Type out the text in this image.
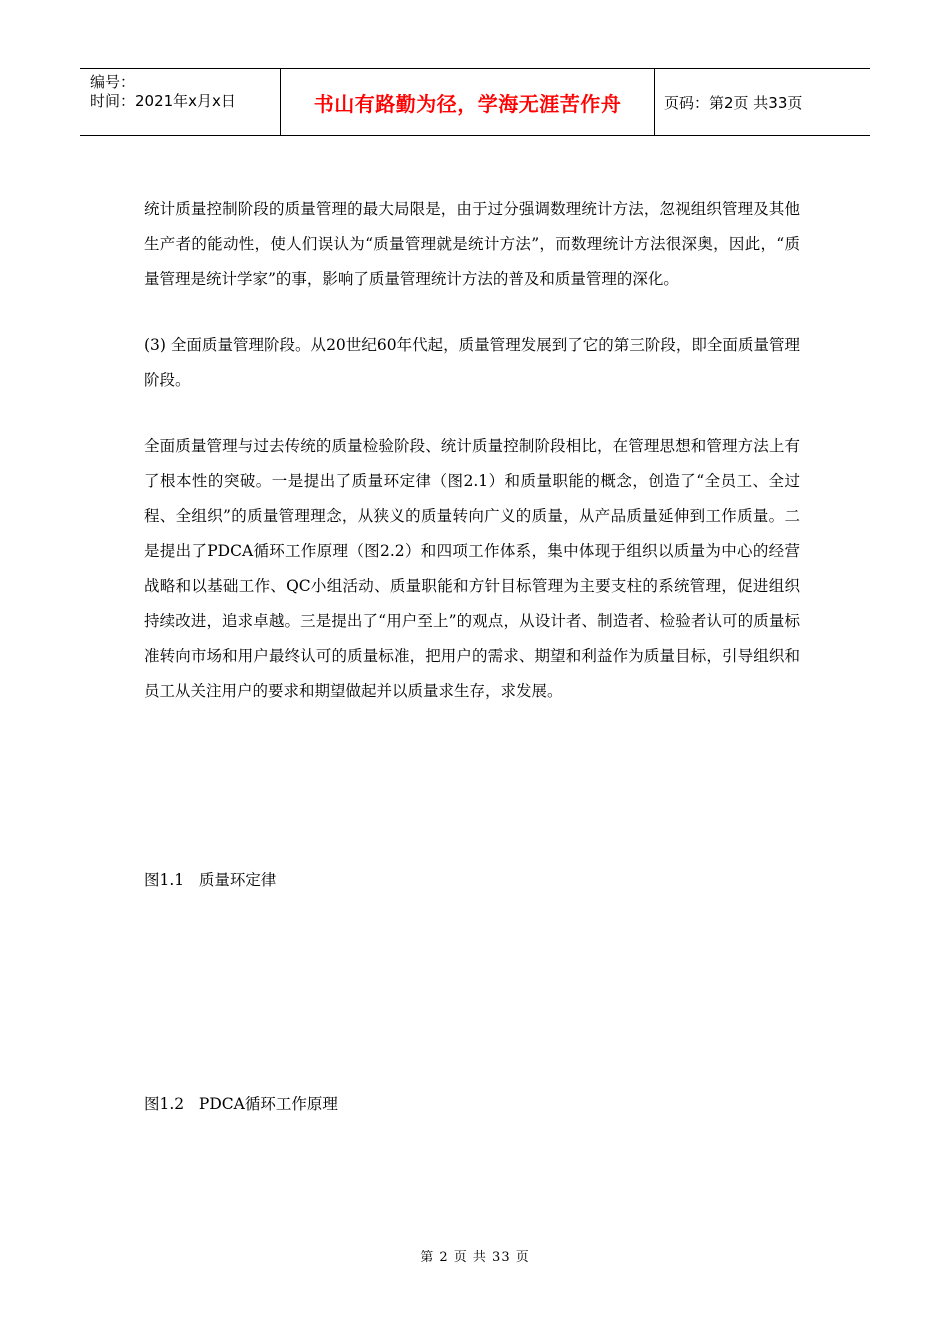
编号：
时间：2021年x月x日	书山有路勤为径，学海无涯苦作舟	页码：第2页 共33页

统计质量控制阶段的质量管理的最大局限是，由于过分强调数理统计方法，忽视组织管理及其他生产者的能动性，使人们误认为“质量管理就是统计方法”，而数理统计方法很深奥，因此，“质量管理是统计学家”的事，影响了质量管理统计方法的普及和质量管理的深化。

(3) 全面质量管理阶段。从20世纪60年代起，质量管理发展到了它的第三阶段，即全面质量管理阶段。

全面质量管理与过去传统的质量检验阶段、统计质量控制阶段相比，在管理思想和管理方法上有了根本性的突破。一是提出了质量环定律（图2.1）和质量职能的概念，创造了“全员工、全过程、全组织”的质量管理理念，从狭义的质量转向广义的质量，从产品质量延伸到工作质量。二是提出了PDCA循环工作原理（图2.2）和四项工作体系，集中体现于组织以质量为中心的经营战略和以基础工作、QC小组活动、质量职能和方针目标管理为主要支柱的系统管理，促进组织持续改进，追求卓越。三是提出了“用户至上”的观点，从设计者、制造者、检验者认可的质量标准转向市场和用户最终认可的质量标准，把用户的需求、期望和利益作为质量目标，引导组织和员工从关注用户的要求和期望做起并以质量求生存，求发展。

图1.1   质量环定律
图1.2   PDCA循环工作原理
第 2 页 共 33 页
